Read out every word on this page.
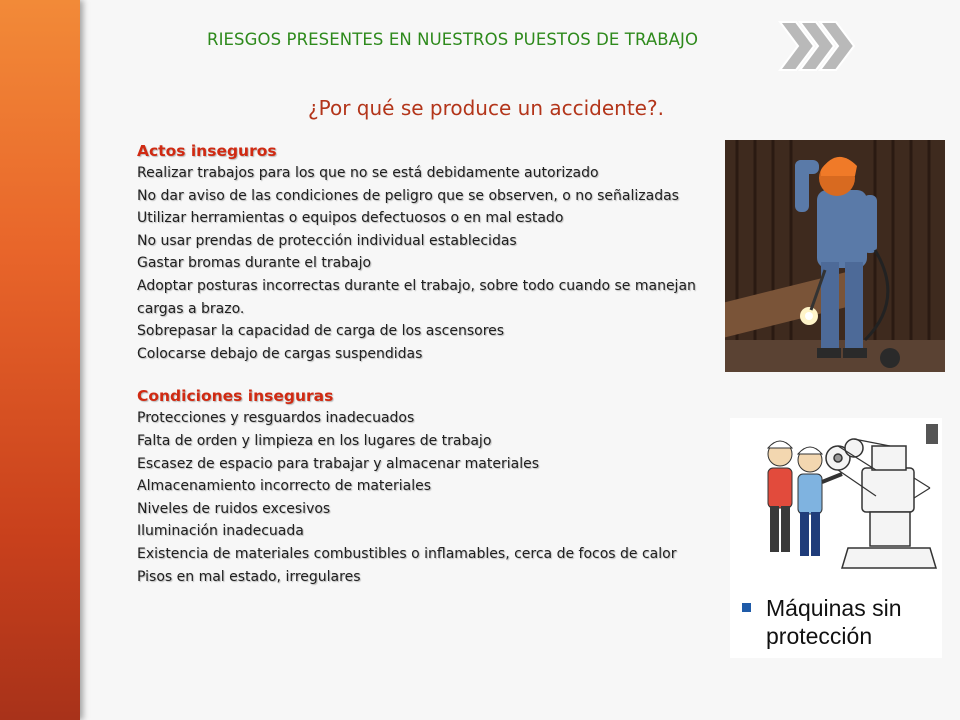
RIESGOS PRESENTES EN NUESTROS PUESTOS DE TRABAJO
¿Por qué se produce un accidente?.
Actos inseguros
Realizar trabajos para los que no se está debidamente autorizado
No dar aviso de las condiciones de peligro que se observen, o no señalizadas
Utilizar herramientas o equipos defectuosos o en mal estado
No usar prendas de protección individual establecidas
Gastar bromas durante el trabajo
Adoptar posturas incorrectas durante el trabajo, sobre todo cuando se manejan cargas a brazo.
Sobrepasar la capacidad de carga de los ascensores
Colocarse debajo de cargas suspendidas
Condiciones inseguras
Protecciones y resguardos inadecuados
Falta de orden y limpieza en los lugares de trabajo
Escasez de espacio para trabajar y almacenar materiales
Almacenamiento incorrecto de materiales
Niveles de ruidos excesivos
Iluminación inadecuada
Existencia de materiales combustibles o inflamables, cerca de focos de calor
Pisos en mal estado, irregulares
Máquinas sin protección
